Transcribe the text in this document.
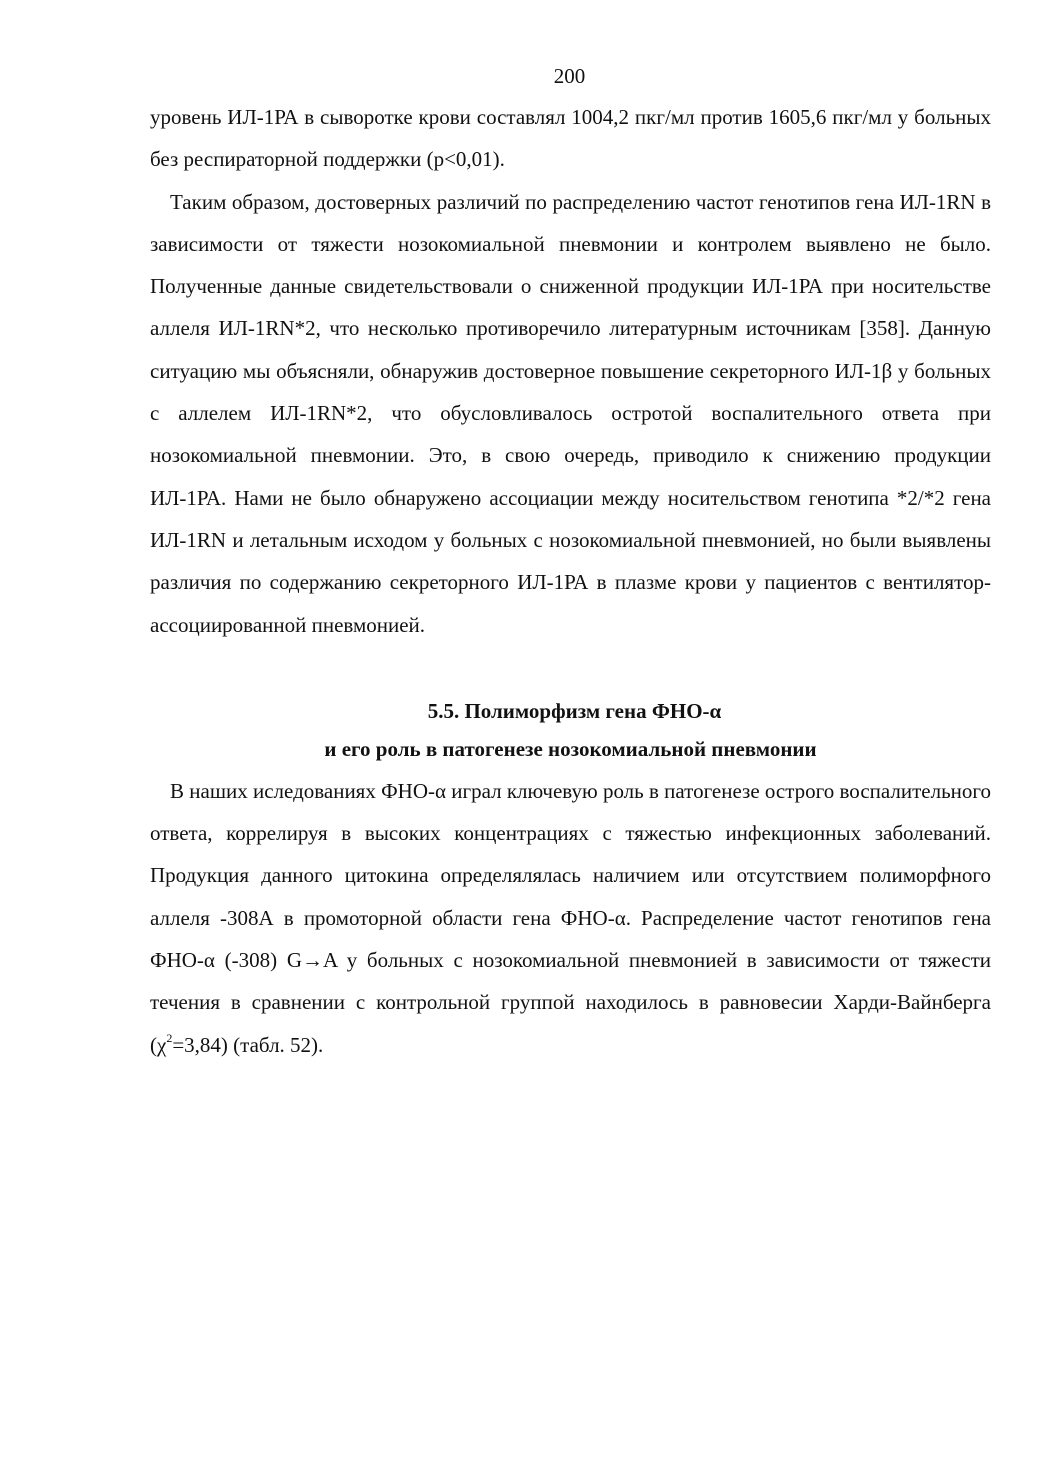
200

уровень ИЛ-1РА в сыворотке крови составлял 1004,2 пкг/мл против 1605,6 пкг/мл у больных без респираторной поддержки (р<0,01).

Таким образом, достоверных различий по распределению частот генотипов гена ИЛ-1RN в зависимости от тяжести нозокомиальной пневмонии и контролем выявлено не было. Полученные данные свидетельствовали о сниженной продукции ИЛ-1РА при носительстве аллеля ИЛ-1RN*2, что несколько противоречило литературным источникам [358]. Данную ситуацию мы объясняли, обнаружив достоверное повышение секреторного ИЛ-1β у больных с аллелем ИЛ-1RN*2, что обусловливалось остротой воспалительного ответа при нозокомиальной пневмонии. Это, в свою очередь, приводило к снижению продукции ИЛ-1РА. Нами не было обнаружено ассоциации между носительством генотипа *2/*2 гена ИЛ-1RN и летальным исходом у больных с нозокомиальной пневмонией, но были выявлены различия по содержанию секреторного ИЛ-1РА в плазме крови у пациентов с вентилятор-ассоциированной пневмонией.

5.5. Полиморфизм гена ФНО-α

и его роль в патогенезе нозокомиальной пневмонии

В наших иследованиях ФНО-α играл ключевую роль в патогенезе острого воспалительного ответа, коррелируя в высоких концентрациях с тяжестью инфекционных заболеваний. Продукция данного цитокина определялялась наличием или отсутствием полиморфного аллеля -308А в промоторной области гена ФНО-α. Распределение частот генотипов гена ФНО-α (-308) G→A у больных с нозокомиальной пневмонией в зависимости от тяжести течения в сравнении с контрольной группой находилось в равновесии Харди-Вайнберга $(\chi^2=3,84)$ (табл. 52).
